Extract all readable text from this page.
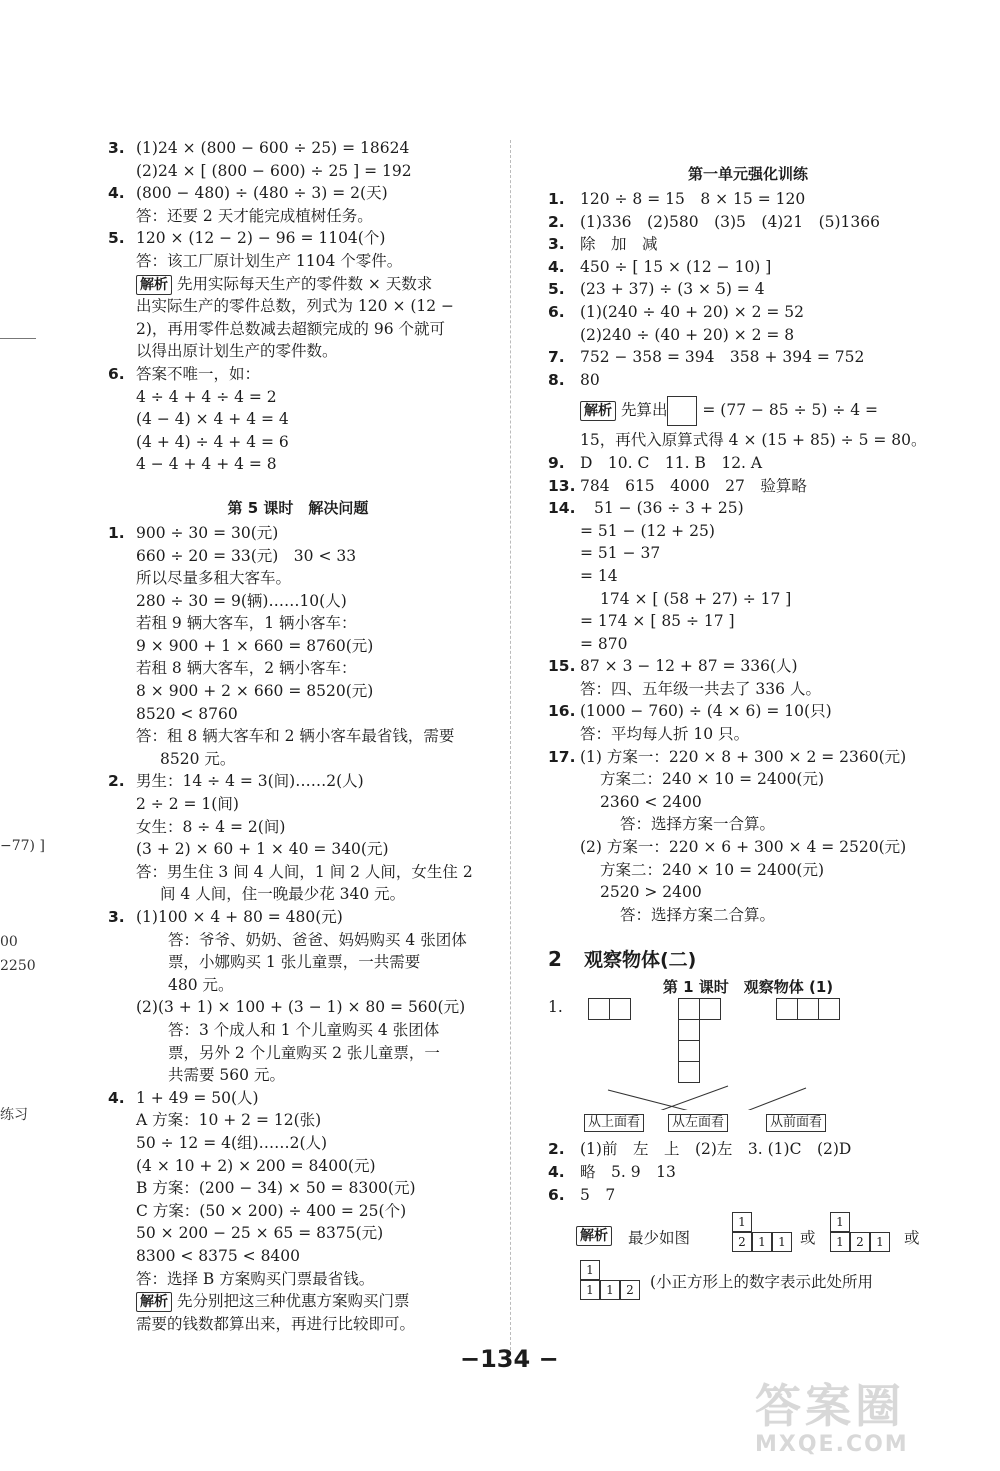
−77) ]
00
2250
练习
3. (1)24 × (800 − 600 ÷ 25) = 18624
(2)24 × [ (800 − 600) ÷ 25 ] = 192
4. (800 − 480) ÷ (480 ÷ 3) = 2(天)
答：还要 2 天才能完成植树任务。
5. 120 × (12 − 2) − 96 = 1104(个)
答：该工厂原计划生产 1104 个零件。
解析 先用实际每天生产的零件数 × 天数求
出实际生产的零件总数，列式为 120 × (12 −
2)，再用零件总数减去超额完成的 96 个就可
以得出原计划生产的零件数。
6. 答案不唯一，如：
4 ÷ 4 + 4 ÷ 4 = 2
(4 − 4) × 4 + 4 = 4
(4 + 4) ÷ 4 + 4 = 6
4 − 4 + 4 + 4 = 8
第 5 课时　解决问题
1. 900 ÷ 30 = 30(元)
660 ÷ 20 = 33(元)　30 < 33
所以尽量多租大客车。
280 ÷ 30 = 9(辆)……10(人)
若租 9 辆大客车，1 辆小客车：
9 × 900 + 1 × 660 = 8760(元)
若租 8 辆大客车，2 辆小客车：
8 × 900 + 2 × 660 = 8520(元)
8520 < 8760
答：租 8 辆大客车和 2 辆小客车最省钱，需要
8520 元。
2. 男生：14 ÷ 4 = 3(间)……2(人)
2 ÷ 2 = 1(间)
女生：8 ÷ 4 = 2(间)
(3 + 2) × 60 + 1 × 40 = 340(元)
答：男生住 3 间 4 人间，1 间 2 人间，女生住 2
间 4 人间，住一晚最少花 340 元。
3. (1)100 × 4 + 80 = 480(元)
答：爷爷、奶奶、爸爸、妈妈购买 4 张团体
票，小娜购买 1 张儿童票，一共需要
480 元。
(2)(3 + 1) × 100 + (3 − 1) × 80 = 560(元)
答：3 个成人和 1 个儿童购买 4 张团体
票，另外 2 个儿童购买 2 张儿童票，一
共需要 560 元。
4. 1 + 49 = 50(人)
A 方案：10 + 2 = 12(张)
50 ÷ 12 = 4(组)……2(人)
(4 × 10 + 2) × 200 = 8400(元)
B 方案：(200 − 34) × 50 = 8300(元)
C 方案：(50 × 200) ÷ 400 = 25(个)
50 × 200 − 25 × 65 = 8375(元)
8300 < 8375 < 8400
答：选择 B 方案购买门票最省钱。
解析 先分别把这三种优惠方案购买门票
需要的钱数都算出来，再进行比较即可。
第一单元强化训练
1. 120 ÷ 8 = 15　8 × 15 = 120
2. (1)336　(2)580　(3)5　(4)21　(5)1366
3. 除　加　减
4. 450 ÷ [ 15 × (12 − 10) ]
5. (23 + 37) ÷ (3 × 5) = 4
6. (1)(240 ÷ 40 + 20) × 2 = 52
(2)240 ÷ (40 + 20) × 2 = 8
7. 752 − 358 = 394　358 + 394 = 752
8. 80
解析 先算出 = (77 − 85 ÷ 5) ÷ 4 =
15，再代入原算式得 4 × (15 + 85) ÷ 5 = 80。
9. D　10. C　11. B　12. A
13. 784　615　4000　27　验算略
14. 51 − (36 ÷ 3 + 25)
= 51 − (12 + 25)
= 51 − 37
= 14
174 × [ (58 + 27) ÷ 17 ]
= 174 × [ 85 ÷ 17 ]
= 870
15. 87 × 3 − 12 + 87 = 336(人)
答：四、五年级一共去了 336 人。
16. (1000 − 760) ÷ (4 × 6) = 10(只)
答：平均每人折 10 只。
17. (1) 方案一：220 × 8 + 300 × 2 = 2360(元)
方案二：240 × 10 = 2400(元)
2360 < 2400
答：选择方案一合算。
(2) 方案一：220 × 6 + 300 × 4 = 2520(元)
方案二：240 × 10 = 2400(元)
2520 > 2400
答：选择方案二合算。
2 观察物体(二)
第 1 课时　观察物体 (1)
1.
从上面看	从左面看	从前面看
2. (1)前　左　上　(2)左　3. (1)C　(2)D
4. 略　5. 9　13
6. 5　7
解析 最少如图
1
2	1	1 或
1
1	2	1	或
1
1	1	2	(小正方形上的数字表示此处所用
−134 −
答案圈
MXQE.COM
